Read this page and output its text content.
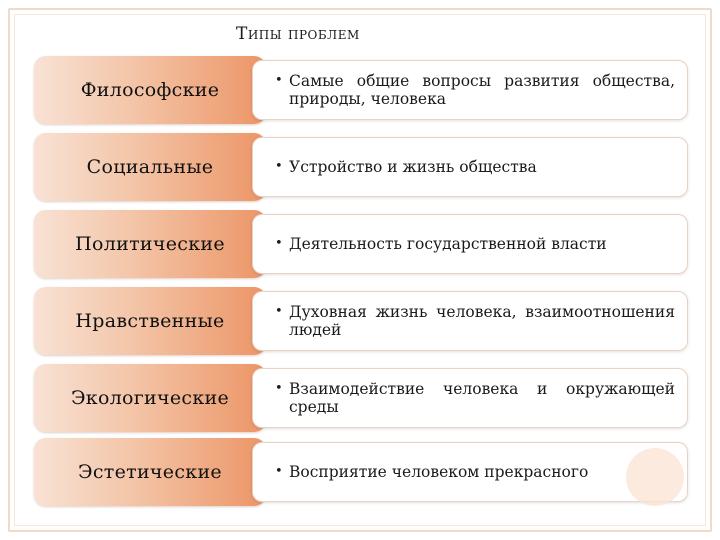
Типы проблем
Философские	• Самые общие вопросы развития общества, природы, человека
Социальные	• Устройство и жизнь общества
Политические	• Деятельность государственной власти
Нравственные	• Духовная жизнь человека, взаимоотношения людей
Экологические	• Взаимодействие человека и окружающей среды
Эстетические	• Восприятие человеком прекрасного
